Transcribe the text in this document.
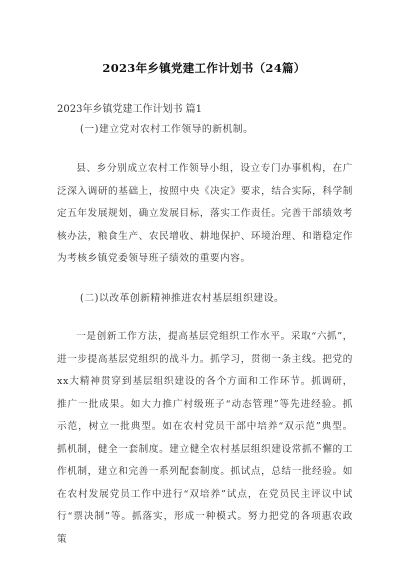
2023年乡镇党建工作计划书（24篇）

2023年乡镇党建工作计划书 篇1

(一)建立党对农村工作领导的新机制。

县、乡分别成立农村工作领导小组，设立专门办事机构，在广泛深入调研的基础上，按照中央《决定》要求，结合实际，科学制定五年发展规划，确立发展目标，落实工作责任。完善干部绩效考核办法，粮食生产、农民增收、耕地保护、环境治理、和谐稳定作为考核乡镇党委领导班子绩效的重要内容。

(二)以改革创新精神推进农村基层组织建设。

一是创新工作方法，提高基层党组织工作水平。采取“六抓”，进一步提高基层党组织的战斗力。抓学习，贯彻一条主线。把党的xx大精神贯穿到基层组织建设的各个方面和工作环节。抓调研，推广一批成果。如大力推广村级班子“动态管理”等先进经验。抓示范，树立一批典型。如在农村党员干部中培养“双示范”典型。抓机制，健全一套制度。建立健全农村基层组织建设常抓不懈的工作机制，建立和完善一系列配套制度。抓试点，总结一批经验。如在农村发展党员工作中进行“双培养”试点，在党员民主评议中试行“票决制”等。抓落实，形成一种模式。努力把党的各项惠农政策
